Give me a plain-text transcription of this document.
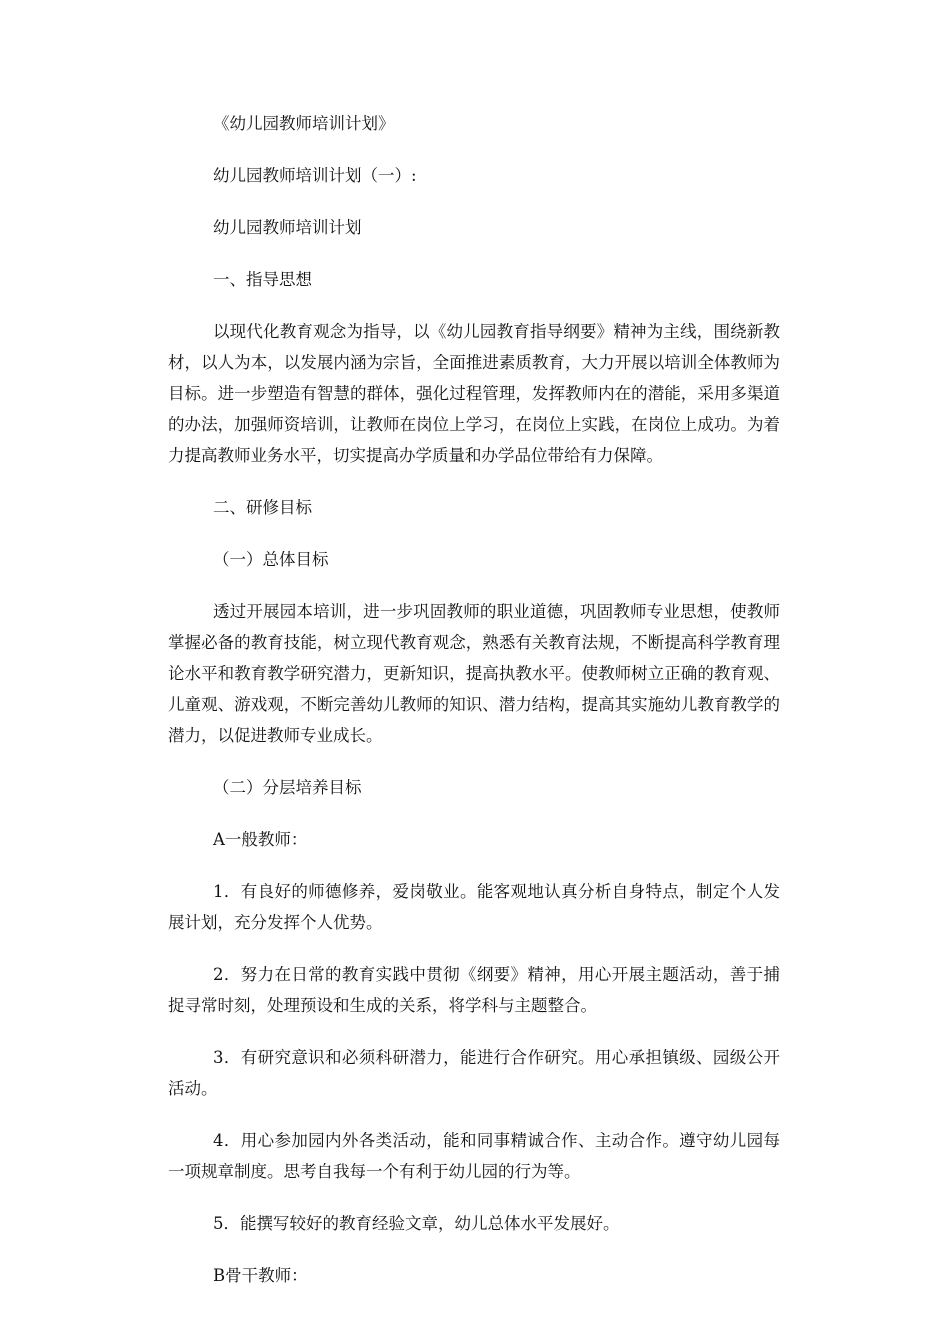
《幼儿园教师培训计划》

幼儿园教师培训计划（一）:

幼儿园教师培训计划

一、指导思想

以现代化教育观念为指导，以《幼儿园教育指导纲要》精神为主线，围绕新教材，以人为本，以发展内涵为宗旨，全面推进素质教育，大力开展以培训全体教师为目标。进一步塑造有智慧的群体，强化过程管理，发挥教师内在的潜能，采用多渠道的办法，加强师资培训，让教师在岗位上学习，在岗位上实践，在岗位上成功。为着力提高教师业务水平，切实提高办学质量和办学品位带给有力保障。

二、研修目标

（一）总体目标

透过开展园本培训，进一步巩固教师的职业道德，巩固教师专业思想，使教师掌握必备的教育技能，树立现代教育观念，熟悉有关教育法规，不断提高科学教育理论水平和教育教学研究潜力，更新知识，提高执教水平。使教师树立正确的教育观、儿童观、游戏观，不断完善幼儿教师的知识、潜力结构，提高其实施幼儿教育教学的潜力，以促进教师专业成长。

（二）分层培养目标

A一般教师：

1．有良好的师德修养，爱岗敬业。能客观地认真分析自身特点，制定个人发展计划，充分发挥个人优势。

2．努力在日常的教育实践中贯彻《纲要》精神，用心开展主题活动，善于捕捉寻常时刻，处理预设和生成的关系，将学科与主题整合。

3．有研究意识和必须科研潜力，能进行合作研究。用心承担镇级、园级公开活动。

4．用心参加园内外各类活动，能和同事精诚合作、主动合作。遵守幼儿园每一项规章制度。思考自我每一个有利于幼儿园的行为等。

5．能撰写较好的教育经验文章，幼儿总体水平发展好。

B骨干教师：
